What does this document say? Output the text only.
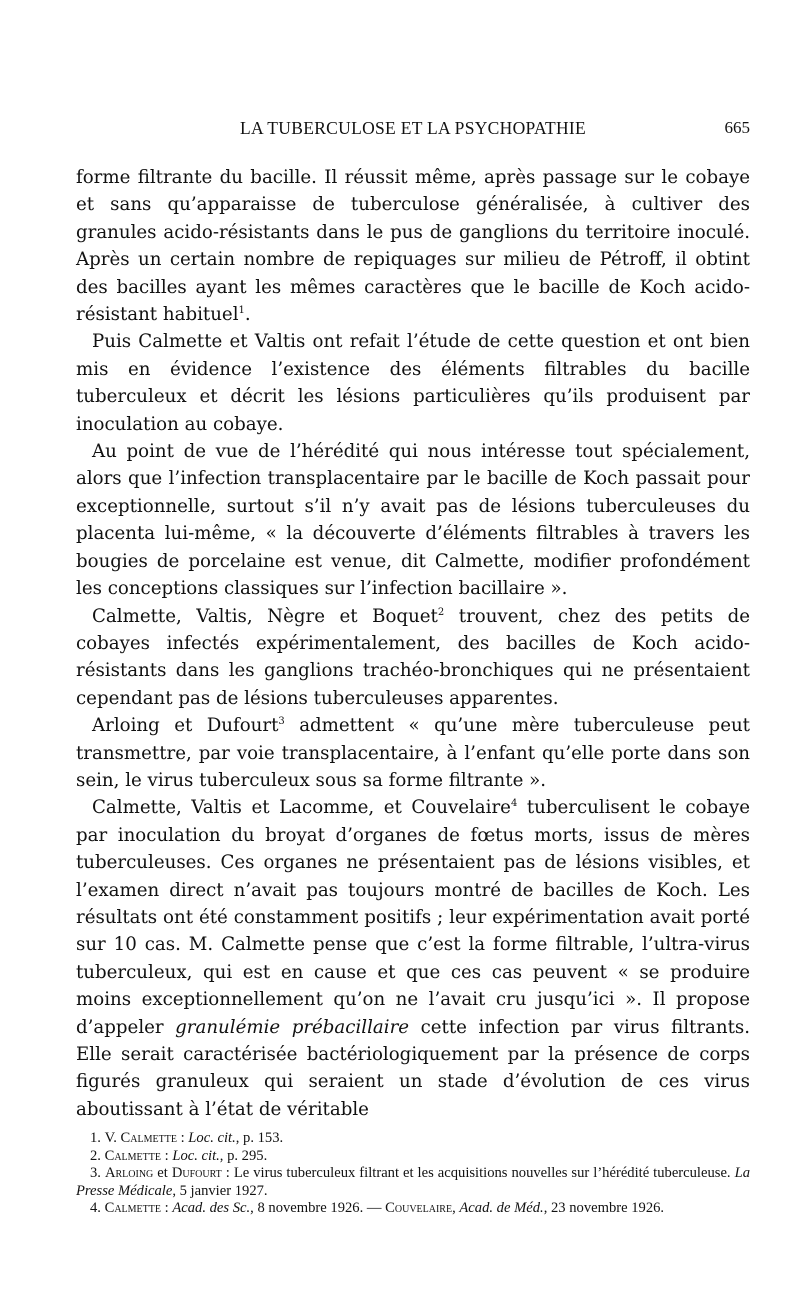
LA TUBERCULOSE ET LA PSYCHOPATHIE	665

forme filtrante du bacille. Il réussit même, après passage sur le cobaye et sans qu’apparaisse de tuberculose généralisée, à cultiver des granules acido-résistants dans le pus de ganglions du territoire inoculé. Après un certain nombre de repiquages sur milieu de Pétroff, il obtint des bacilles ayant les mêmes caractères que le bacille de Koch acido-résistant habituel$^1$.

Puis Calmette et Valtis ont refait l’étude de cette question et ont bien mis en évidence l’existence des éléments filtrables du bacille tuberculeux et décrit les lésions particulières qu’ils produisent par inoculation au cobaye.

Au point de vue de l’hérédité qui nous intéresse tout spécialement, alors que l’infection transplacentaire par le bacille de Koch passait pour exceptionnelle, surtout s’il n’y avait pas de lésions tuberculeuses du placenta lui-même, « la découverte d’éléments filtrables à travers les bougies de porcelaine est venue, dit Calmette, modifier profondément les conceptions classiques sur l’infection bacillaire ».

Calmette, Valtis, Nègre et Boquet$^2$ trouvent, chez des petits de cobayes infectés expérimentalement, des bacilles de Koch acido-résistants dans les ganglions trachéo-bronchiques qui ne présentaient cependant pas de lésions tuberculeuses apparentes.

Arloing et Dufourt$^3$ admettent « qu’une mère tuberculeuse peut transmettre, par voie transplacentaire, à l’enfant qu’elle porte dans son sein, le virus tuberculeux sous sa forme filtrante ».

Calmette, Valtis et Lacomme, et Couvelaire$^4$ tuberculisent le cobaye par inoculation du broyat d’organes de fœtus morts, issus de mères tuberculeuses. Ces organes ne présentaient pas de lésions visibles, et l’examen direct n’avait pas toujours montré de bacilles de Koch. Les résultats ont été constamment positifs ; leur expérimentation avait porté sur 10 cas. M. Calmette pense que c’est la forme filtrable, l’ultra-virus tuberculeux, qui est en cause et que ces cas peuvent « se produire moins exceptionnellement qu’on ne l’avait cru jusqu’ici ». Il propose d’appeler granulémie prébacillaire cette infection par virus filtrants. Elle serait caractérisée bactériologiquement par la présence de corps figurés granuleux qui seraient un stade d’évolution de ces virus aboutissant à l’état de véritable

1. V. Calmette : Loc. cit., p. 153.

2. Calmette : Loc. cit., p. 295.

3. Arloing et Dufourt : Le virus tuberculeux filtrant et les acquisitions nouvelles sur l’hérédité tuberculeuse. La Presse Médicale, 5 janvier 1927.

4. Calmette : Acad. des Sc., 8 novembre 1926. — Couvelaire, Acad. de Méd., 23 novembre 1926.
